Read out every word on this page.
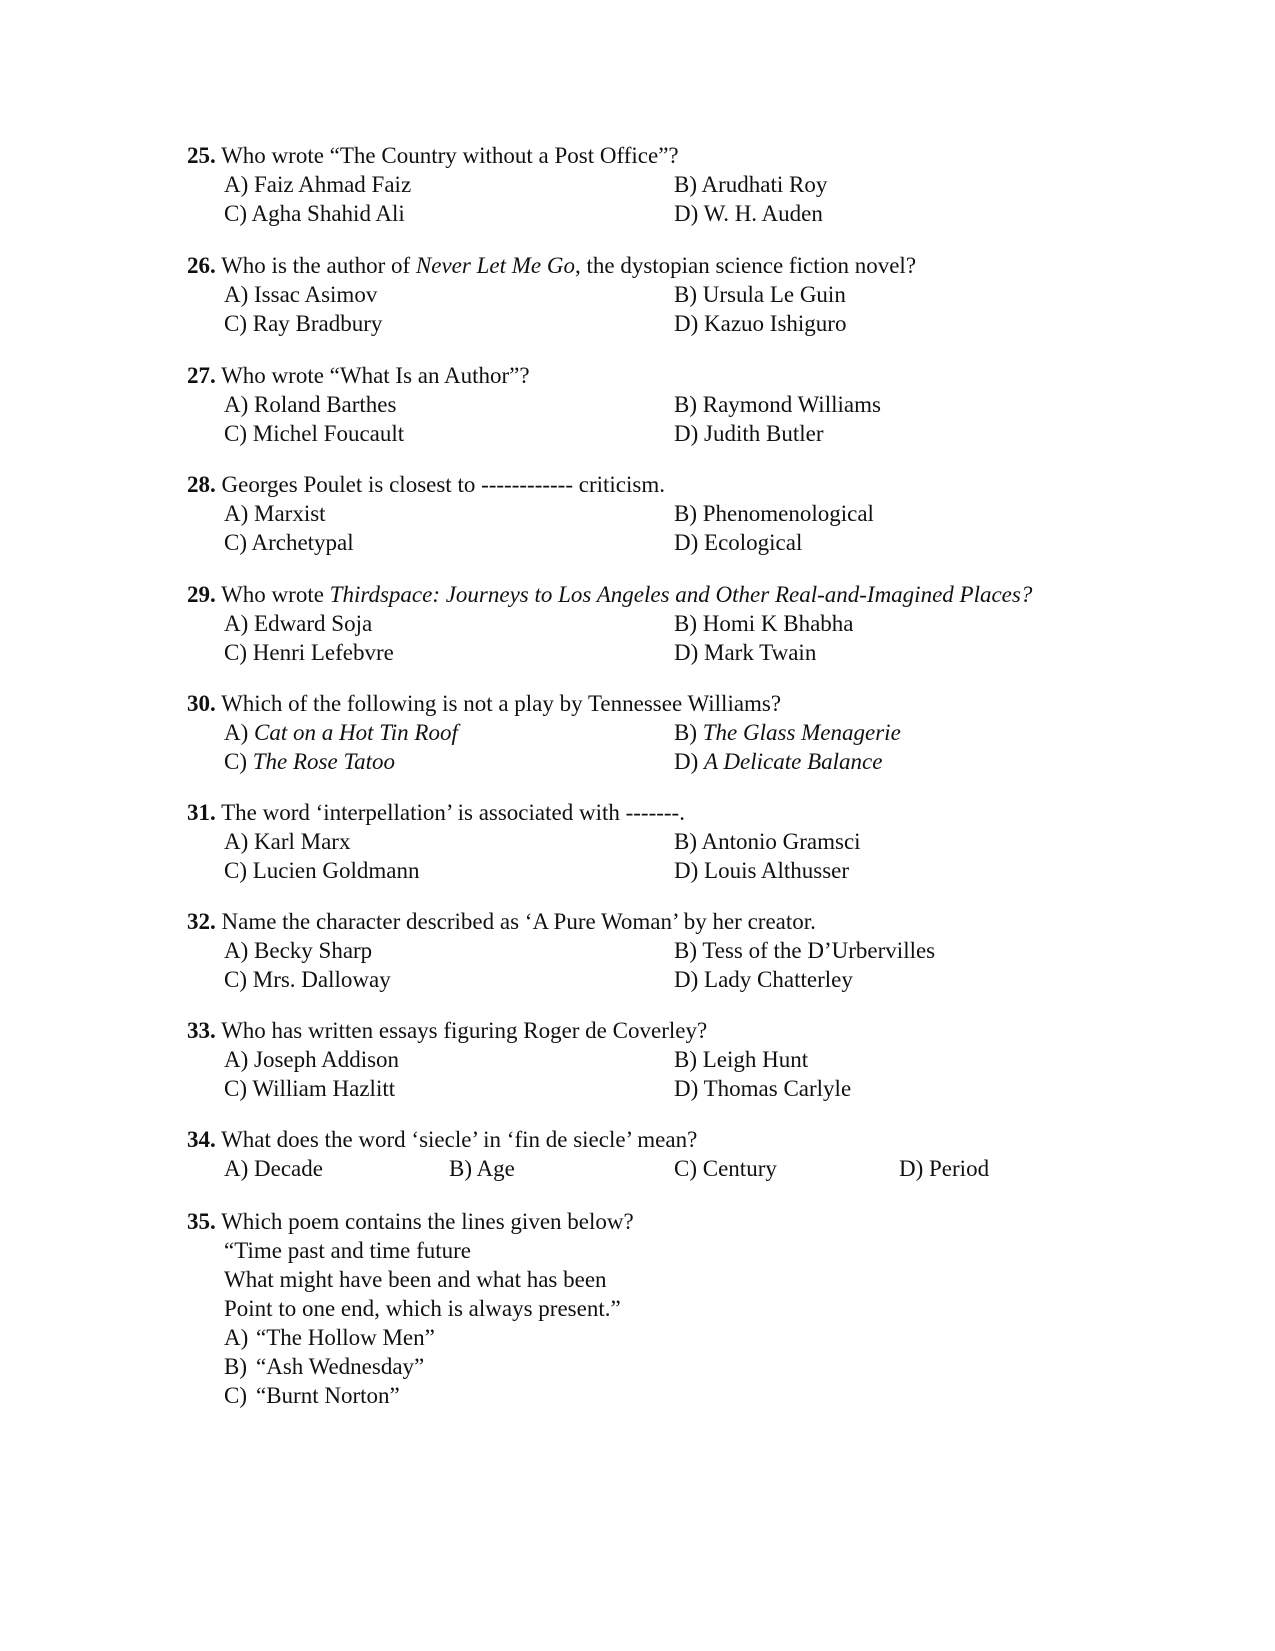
25. Who wrote “The Country without a Post Office”?
A) Faiz Ahmad Faiz	B) Arudhati Roy
C) Agha Shahid Ali	D) W. H. Auden
26. Who is the author of Never Let Me Go, the dystopian science fiction novel?
A) Issac Asimov	B) Ursula Le Guin
C) Ray Bradbury	D) Kazuo Ishiguro
27. Who wrote “What Is an Author”?
A) Roland Barthes	B) Raymond Williams
C) Michel Foucault	D) Judith Butler
28. Georges Poulet is closest to ------------ criticism.
A) Marxist	B) Phenomenological
C) Archetypal	D) Ecological
29. Who wrote Thirdspace: Journeys to Los Angeles and Other Real-and-Imagined Places?
A) Edward Soja	B) Homi K Bhabha
C) Henri Lefebvre	D) Mark Twain
30. Which of the following is not a play by Tennessee Williams?
A) Cat on a Hot Tin Roof	B) The Glass Menagerie
C) The Rose Tatoo	D) A Delicate Balance
31. The word ‘interpellation’ is associated with -------.
A) Karl Marx	B) Antonio Gramsci
C) Lucien Goldmann	D) Louis Althusser
32. Name the character described as ‘A Pure Woman’ by her creator.
A) Becky Sharp	B) Tess of the D’Urbervilles
C) Mrs. Dalloway	D) Lady Chatterley
33. Who has written essays figuring Roger de Coverley?
A) Joseph Addison	B) Leigh Hunt
C) William Hazlitt	D) Thomas Carlyle
34. What does the word ‘siecle’ in ‘fin de siecle’ mean?
A) Decade	B) Age	C) Century	D) Period
35. Which poem contains the lines given below?
“Time past and time future
What might have been and what has been
Point to one end, which is always present.”
A) “The Hollow Men”
B) “Ash Wednesday”
C) “Burnt Norton”
